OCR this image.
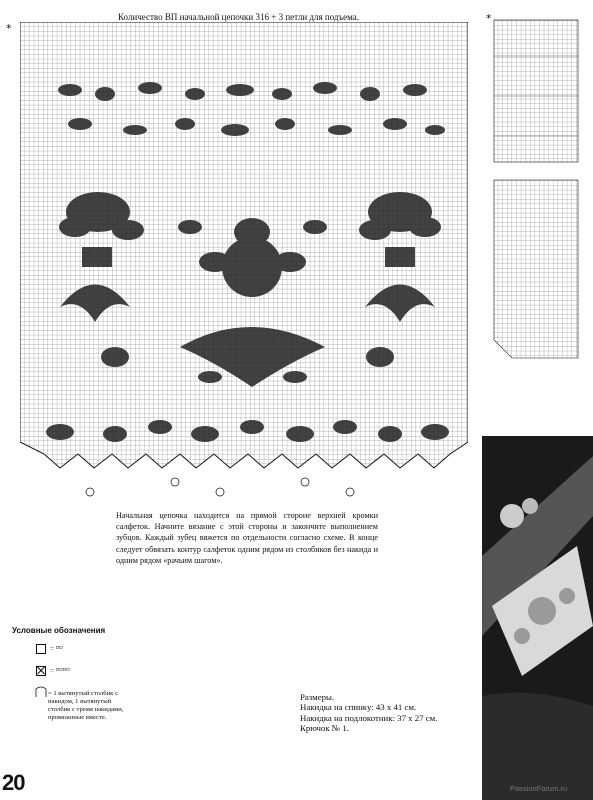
Количество ВП начальной цепочки 316 + 3 петли для подъема.
*
*
Начальная цепочка находится на прямой стороне верхней кромки салфеток. Начните вязание с этой стороны и закончите выполнением зубцов. Каждый зубец вяжется по отдельности согласно схеме. В конце следует обвязать контур салфеток одним рядом из столбиков без накида и одним рядом «рачьим шагом».
Условные обозначения
= ⸋⸋
= ⸋⸋⸋⸋
= 1 вытянутый столбик с накидом, 1 вытянутый столбик с тремя накидами, провязанные вместе.
Размеры.
Накидка на спинку: 43 х 41 см.
Накидка на подлокотник: 37 х 27 см.
Крючок № 1.
20	PassionForum.ru
